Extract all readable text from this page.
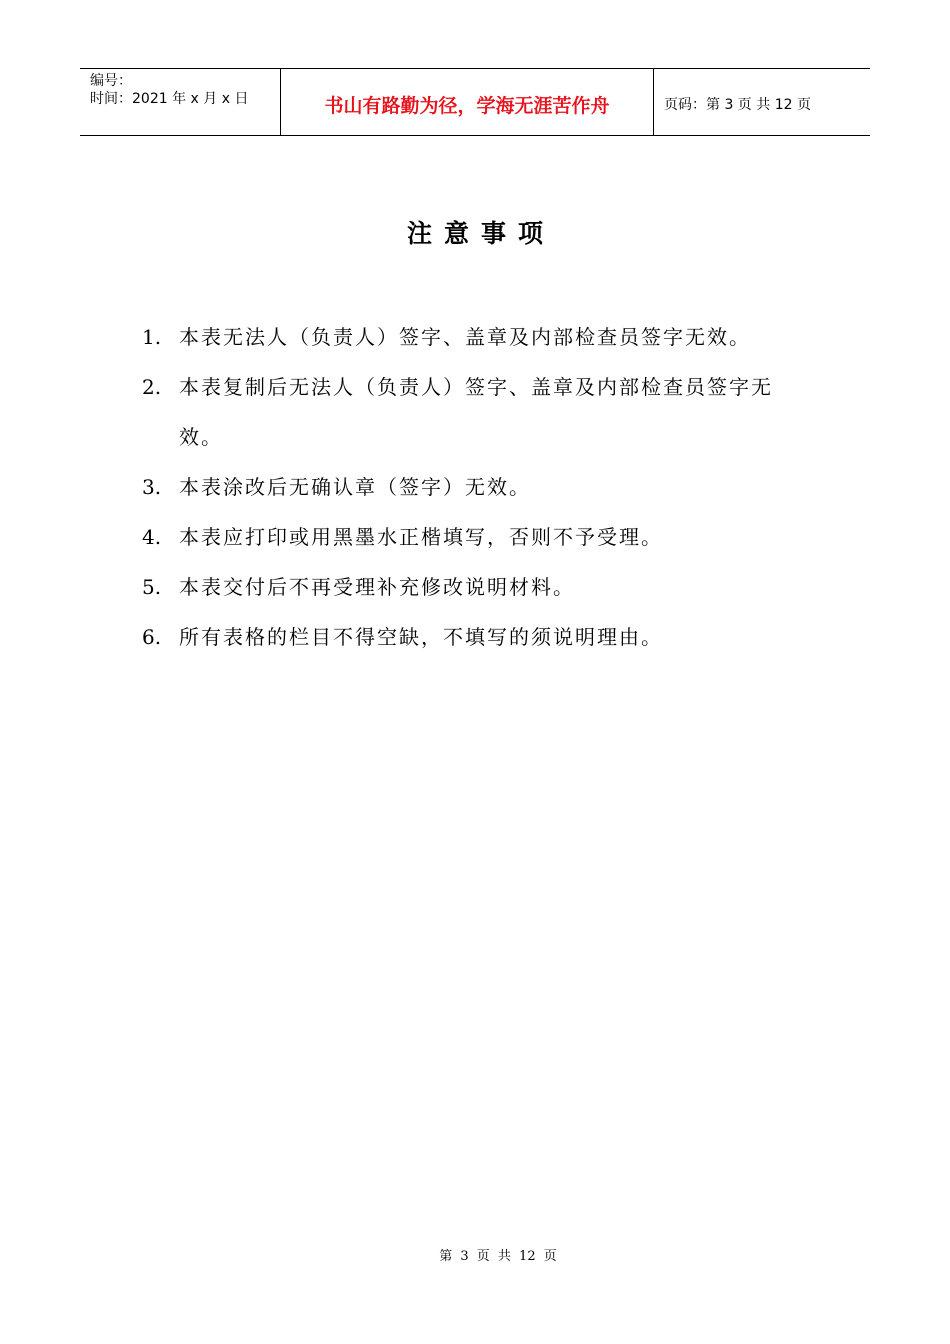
编号：
时间：2021 年 x 月 x 日	书山有路勤为径，学海无涯苦作舟	页码：第 3 页 共 12 页
注意事项
1. 本表无法人（负责人）签字、盖章及内部检查员签字无效。
2. 本表复制后无法人（负责人）签字、盖章及内部检查员签字无效。
3. 本表涂改后无确认章（签字）无效。
4. 本表应打印或用黑墨水正楷填写，否则不予受理。
5. 本表交付后不再受理补充修改说明材料。
6. 所有表格的栏目不得空缺，不填写的须说明理由。
第 3 页 共 12 页
